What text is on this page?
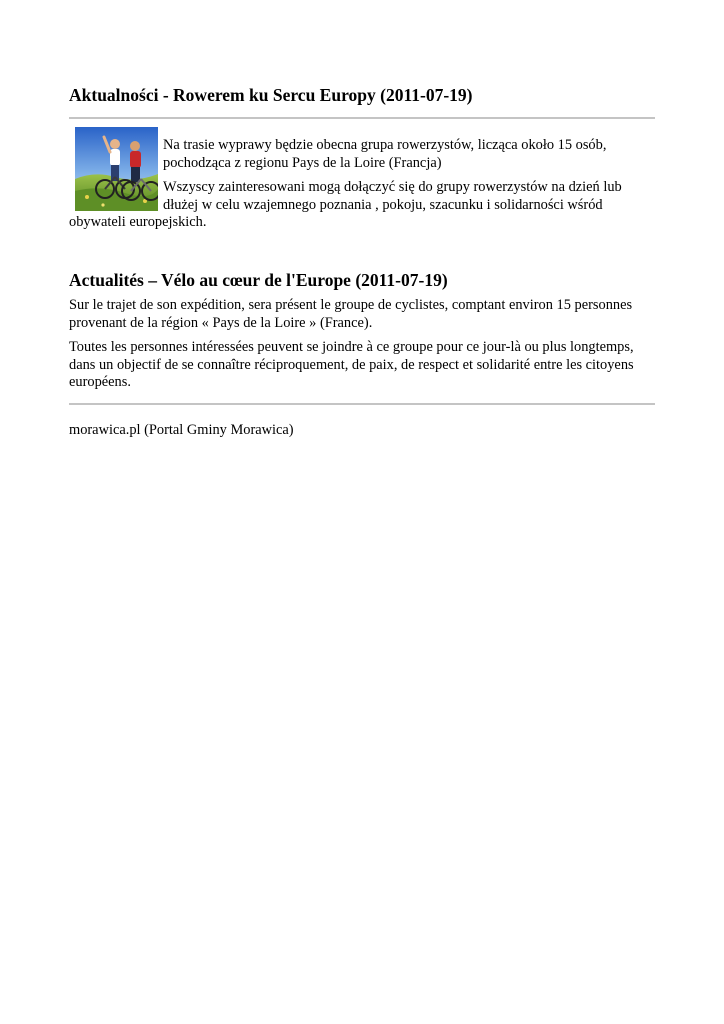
Aktualności - Rowerem ku Sercu Europy (2011-07-19)

Na trasie wyprawy będzie obecna grupa rowerzystów, licząca około 15 osób, pochodząca z regionu Pays de la Loire (Francja)

Wszyscy zainteresowani mogą dołączyć się do grupy rowerzystów na dzień lub dłużej w celu wzajemnego poznania , pokoju, szacunku i solidarności wśród obywateli europejskich.

Actualités – Vélo au cœur de l'Europe (2011-07-19)

Sur le trajet de son expédition, sera présent le groupe de cyclistes, comptant environ 15 personnes provenant de la région « Pays de la Loire » (France).

Toutes les personnes intéressées peuvent se joindre à ce groupe pour ce jour-là ou plus longtemps, dans un objectif de se connaître réciproquement, de paix, de respect et solidarité entre les citoyens européens.

morawica.pl (Portal Gminy Morawica)
